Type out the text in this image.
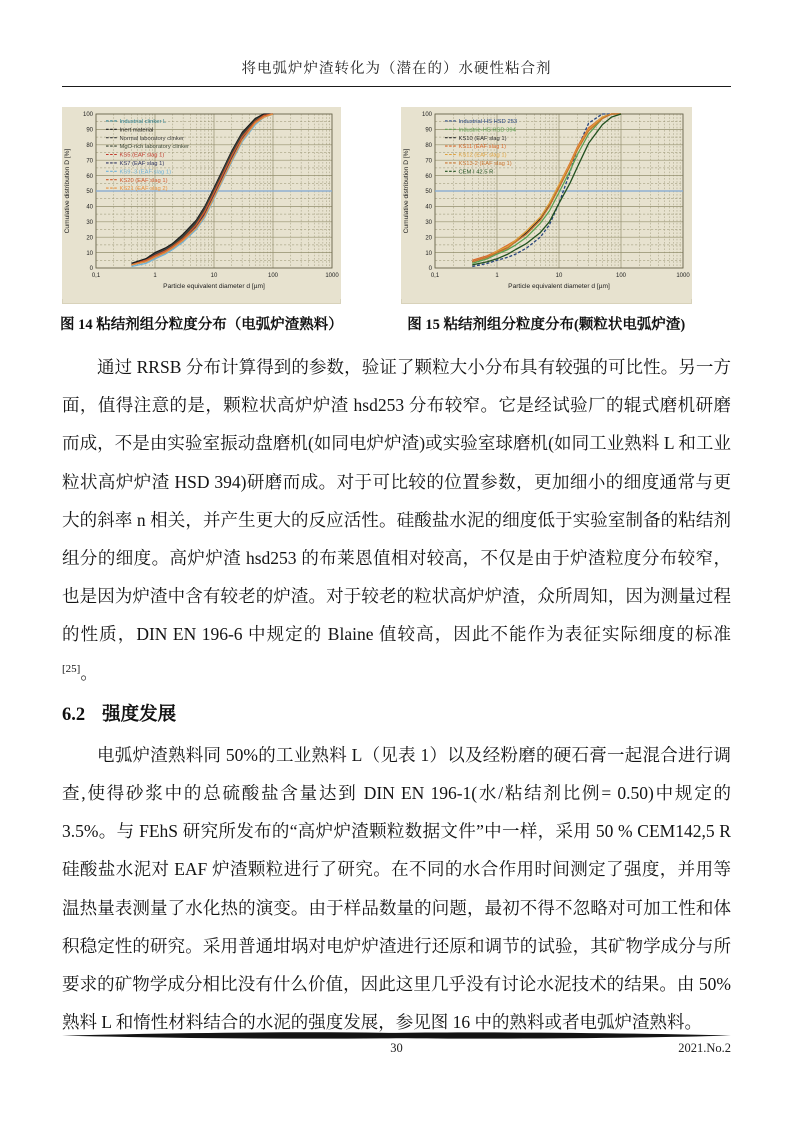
将电弧炉炉渣转化为（潜在的）水硬性粘合剂
0
10
20
30
40
50
60
70
80
90
100
0,1	1	10	100	1000
Particle equivalent diameter d [µm]
Cumulative distribution D [%]
Industrial clinker L
Inert material
Normal laboratory clinker
MgO-rich laboratory clinker
KS5 (EAF slag 1)
KS7 (EAF slag 1)
KS9 -3 (EAF slag 1)
KS20 (EAF slag 1)
KS21 (EAF slag 2)
图 14 粘结剂组分粒度分布（电弧炉渣熟料）
0
10
20
30
40
50
60
70
80
90
100
0,1	1	10	100	1000
Particle equivalent diameter d [µm]
Cumulative distribution D [%]
Industrial-HS HSD 253
Industrie-HS HSD 394
KS10 (EAF slag 1)
KS11 (EAF slag 1)
KS12 (EAF slag 1)
KS13-2 (EAF slag 1)
CEM I 42.5 R
图 15 粘结剂组分粒度分布(颗粒状电弧炉渣)

通过 RRSB 分布计算得到的参数，验证了颗粒大小分布具有较强的可比性。另一方面，值得注意的是，颗粒状高炉炉渣 hsd253 分布较窄。它是经试验厂的辊式磨机研磨而成，不是由实验室振动盘磨机(如同电炉炉渣)或实验室球磨机(如同工业熟料 L 和工业粒状高炉炉渣 HSD 394)研磨而成。对于可比较的位置参数，更加细小的细度通常与更大的斜率 n 相关，并产生更大的反应活性。硅酸盐水泥的细度低于实验室制备的粘结剂组分的细度。高炉炉渣 hsd253 的布莱恩值相对较高，不仅是由于炉渣粒度分布较窄，也是因为炉渣中含有较老的炉渣。对于较老的粒状高炉炉渣，众所周知，因为测量过程的性质，DIN EN 196-6 中规定的 Blaine 值较高，因此不能作为表征实际细度的标准[25]。

6.2 强度发展

电弧炉渣熟料同 50%的工业熟料 L（见表 1）以及经粉磨的硬石膏一起混合进行调查,使得砂浆中的总硫酸盐含量达到 DIN EN 196-1(水/粘结剂比例= 0.50)中规定的 3.5%。与 FEhS 研究所发布的“高炉炉渣颗粒数据文件”中一样，采用 50 % CEM142,5 R 硅酸盐水泥对 EAF 炉渣颗粒进行了研究。在不同的水合作用时间测定了强度，并用等温热量表测量了水化热的演变。由于样品数量的问题，最初不得不忽略对可加工性和体积稳定性的研究。采用普通坩埚对电炉炉渣进行还原和调节的试验，其矿物学成分与所要求的矿物学成分相比没有什么价值，因此这里几乎没有讨论水泥技术的结果。由 50%熟料 L 和惰性材料结合的水泥的强度发展，参见图 16 中的熟料或者电弧炉渣熟料。

30	2021.No.2
